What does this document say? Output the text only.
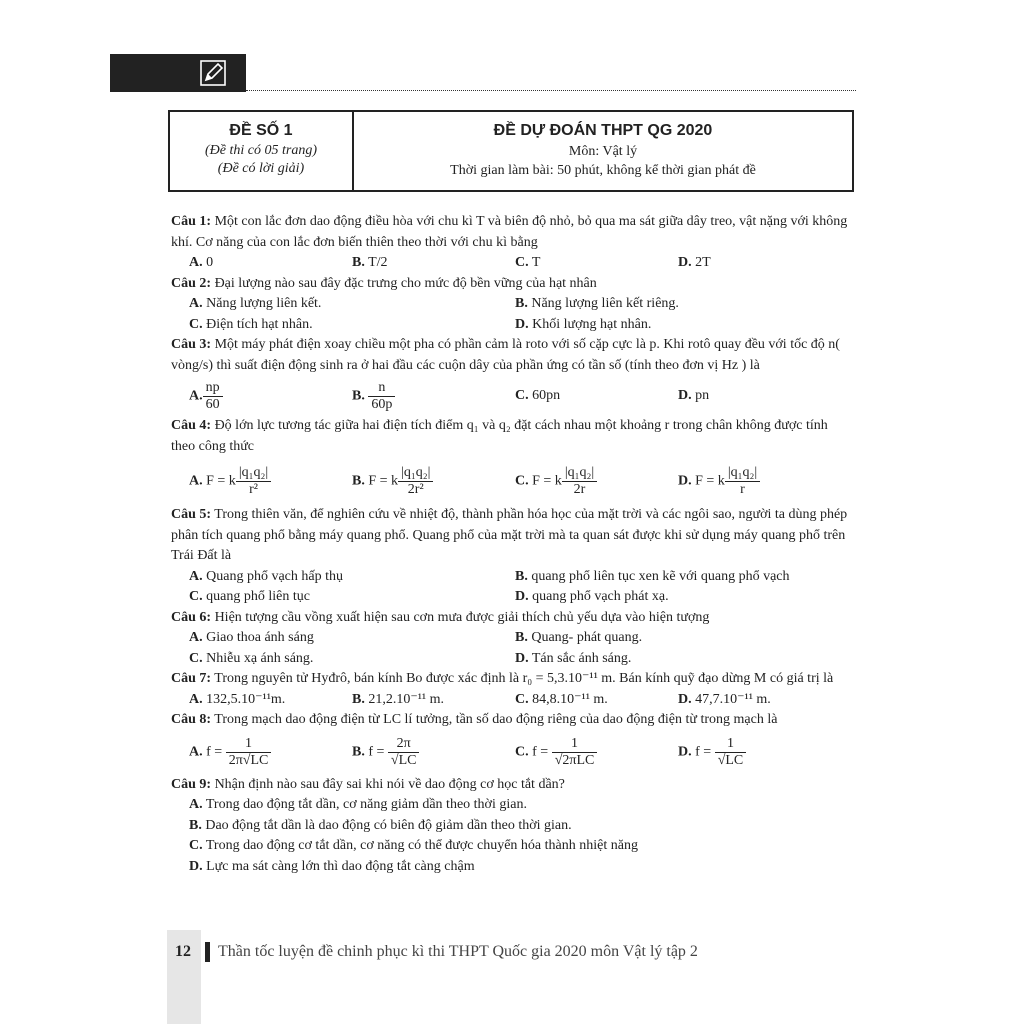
ĐỀ SỐ 1
(Đề thi có 05 trang)
(Đề có lời giải)
ĐỀ DỰ ĐOÁN THPT QG 2020
Môn: Vật lý
Thời gian làm bài: 50 phút, không kể thời gian phát đề

Câu 1: Một con lắc đơn dao động điều hòa với chu kì T và biên độ nhỏ, bỏ qua ma sát giữa dây treo, vật nặng với không khí. Cơ năng của con lắc đơn biến thiên theo thời với chu kì bằng

A. 0	B. T/2	C. T	D. 2T

Câu 2: Đại lượng nào sau đây đặc trưng cho mức độ bền vững của hạt nhân

A. Năng lượng liên kết.	B. Năng lượng liên kết riêng.
C. Điện tích hạt nhân.	D. Khối lượng hạt nhân.

Câu 3: Một máy phát điện xoay chiều một pha có phần cảm là roto với số cặp cực là p. Khi rotô quay đều với tốc độ n( vòng/s) thì suất điện động sinh ra ở hai đầu các cuộn dây của phần ứng có tần số (tính theo đơn vị Hz ) là

A. $\frac{np}{60}$	B. $\frac{n}{60p}$	C. 60pn	D. pn

Câu 4: Độ lớn lực tương tác giữa hai điện tích điểm q₁ và q₂ đặt cách nhau một khoảng r trong chân không được tính theo công thức

A. F = k $\frac{\text{|q₁q₂|}}{\text{r²}}$	B. F = k $\frac{\text{|q₁q₂|}}{\text{2r²}}$	C. F = k $\frac{\text{|q₁q₂|}}{2r}$	D. F = k $\frac{\text{|q₁q₂|}}{r}$

Câu 5: Trong thiên văn, để nghiên cứu về nhiệt độ, thành phần hóa học của mặt trời và các ngôi sao, người ta dùng phép phân tích quang phổ bằng máy quang phổ. Quang phổ của mặt trời mà ta quan sát được khi sử dụng máy quang phổ trên Trái Đất là

A. Quang phổ vạch hấp thụ	B. quang phổ liên tục xen kẽ với quang phổ vạch
C. quang phổ liên tục	D. quang phổ vạch phát xạ.

Câu 6: Hiện tượng cầu vồng xuất hiện sau cơn mưa được giải thích chủ yếu dựa vào hiện tượng

A. Giao thoa ánh sáng	B. Quang- phát quang.
C. Nhiễu xạ ánh sáng.	D. Tán sắc ánh sáng.

Câu 7: Trong nguyên tử Hyđrô, bán kính Bo được xác định là r₀ = 5,3.10⁻¹¹ m. Bán kính quỹ đạo dừng M có giá trị là

A. 132,5.10⁻¹¹m.	B. 21,2.10⁻¹¹ m.	C. 84,8.10⁻¹¹ m.	D. 47,7.10⁻¹¹ m.

Câu 8: Trong mạch dao động điện từ LC lí tưởng, tần số dao động riêng của dao động điện từ trong mạch là

A. $f = \frac{1}{2\pi√LC}$	B. $f = \frac{2\pi}{√LC}$	C. $f = \frac{1}{\text{√2πLC}}$	D. $f = \frac{1}{√LC}$

Câu 9: Nhận định nào sau đây sai khi nói về dao động cơ học tắt dần?

A. Trong dao động tắt dần, cơ năng giảm dần theo thời gian.
B. Dao động tắt dần là dao động có biên độ giảm dần theo thời gian.
C. Trong dao động cơ tắt dần, cơ năng có thể được chuyển hóa thành nhiệt năng
D. Lực ma sát càng lớn thì dao động tắt càng chậm
12	Thần tốc luyện đề chinh phục kì thi THPT Quốc gia 2020 môn Vật lý tập 2
